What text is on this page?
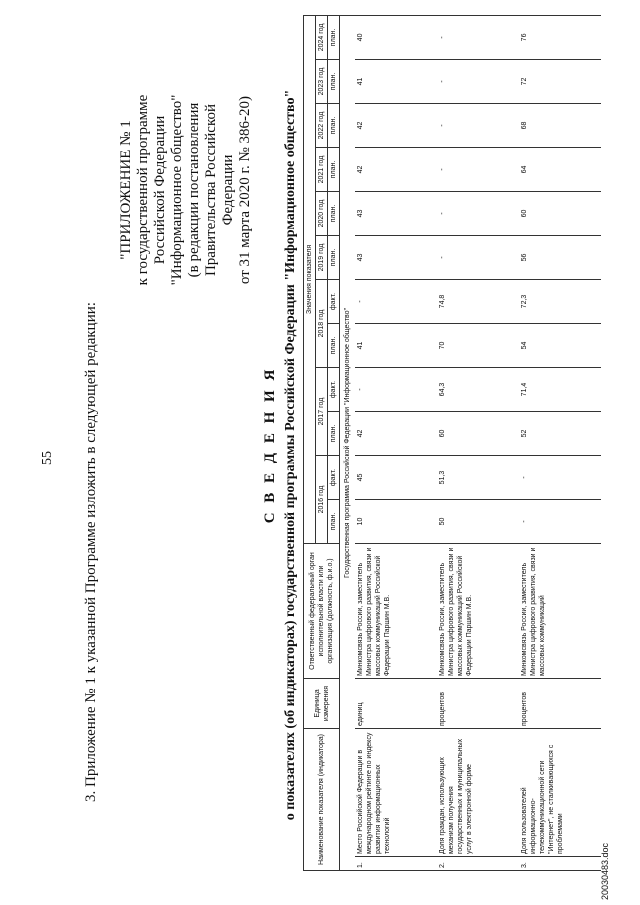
55 3. Приложение № 1 к указанной Программе изложить в следующей редакции:
"ПРИЛОЖЕНИЕ № 1 к государственной программе Российской Федерации "Информационное общество" (в редакции постановления Правительства Российской Федерации от 31 марта 2020 г. № 386-20)
С В Е Д Е Н И Я о показателях (об индикаторах) государственной программы Российской Федерации "Информационное общество"	Наименование показателя (индикатора)		Единица измерения	Ответственный федеральный орган исполнительной власти или организация (должность, ф.и.о.)	Значения показателя											
				2016 год		2017 год		2018 год		2019 год	2020 год	2021 год	2022 год	2023 год	2024 год
				план.	факт.	план.	факт.	план.	факт.	план.	план.	план.	план.	план.	план.
Государственная программа Российской Федерации "Информационное общество"															
1.	Место Российской Федерации в международном рейтинге по индексу развития информационных технологий	единиц	Минкомсвязь России, заместитель Министра цифрового развития, связи и массовых коммуникаций Российской Федерации Паршин М.В.	10	45	42	-	41	-	43	43	42	42	41	40
2.	Доля граждан, использующих механизм получения государственных и муниципальных услуг в электронной форме	процентов	Минкомсвязь России, заместитель Министра цифрового развития, связи и массовых коммуникаций Российской Федерации Паршин М.В.	50	51,3	60	64,3	70	74,8	-	-	-	-	-	-
3.	Доля пользователей информационно-телекоммуникационной сети "Интернет", не сталкивающихся с проблемами	процентов	Минкомсвязь России, заместитель Министра цифрового развития, связи и массовых коммуникаций	-	-	52	71,4	54	72,3	56	60	64	68	72	76
20030483.doc
